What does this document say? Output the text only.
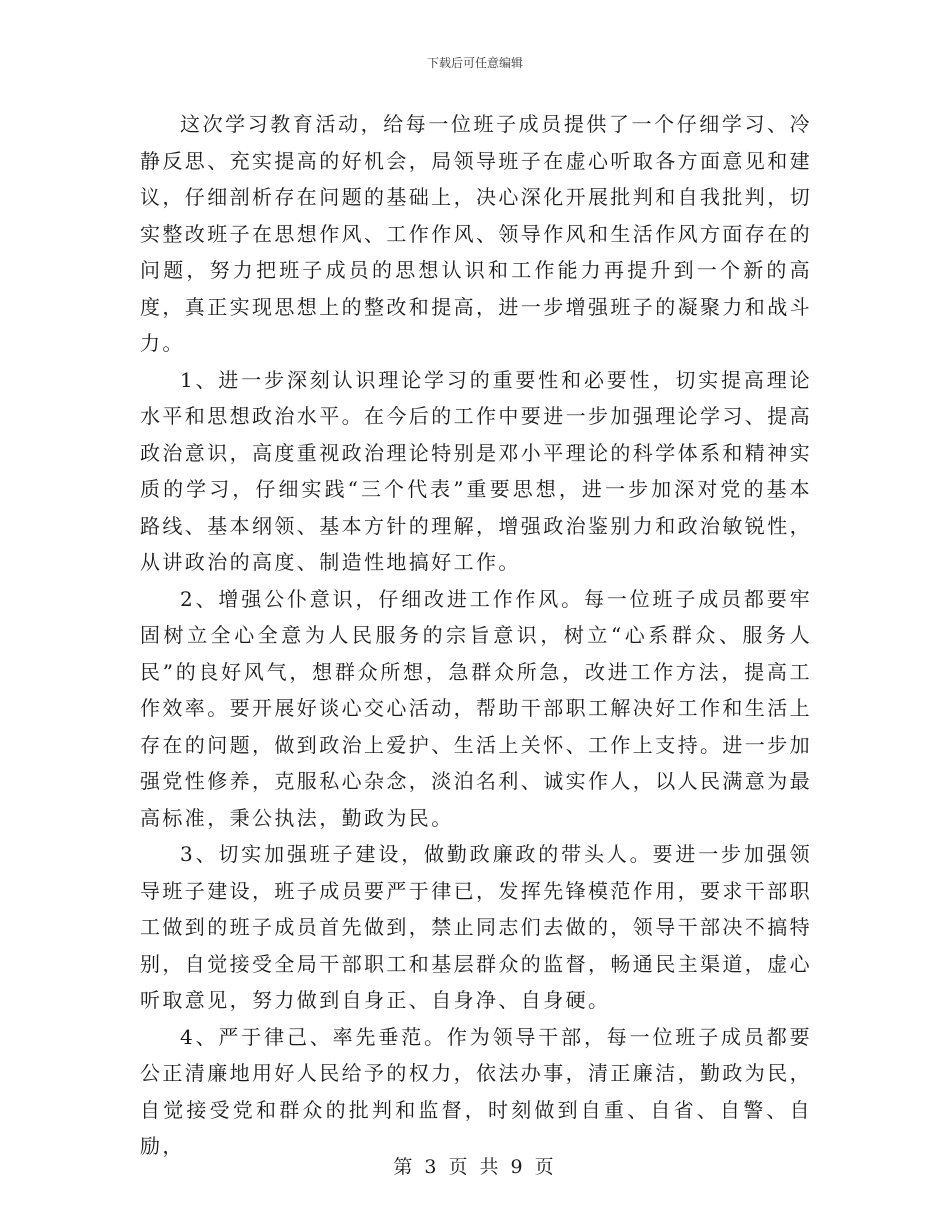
下载后可任意编辑

这次学习教育活动，给每一位班子成员提供了一个仔细学习、冷静反思、充实提高的好机会，局领导班子在虚心听取各方面意见和建议，仔细剖析存在问题的基础上，决心深化开展批判和自我批判，切实整改班子在思想作风、工作作风、领导作风和生活作风方面存在的问题，努力把班子成员的思想认识和工作能力再提升到一个新的高度，真正实现思想上的整改和提高，进一步增强班子的凝聚力和战斗力。

1、进一步深刻认识理论学习的重要性和必要性，切实提高理论水平和思想政治水平。在今后的工作中要进一步加强理论学习、提高政治意识，高度重视政治理论特别是邓小平理论的科学体系和精神实质的学习，仔细实践“三个代表”重要思想，进一步加深对党的基本路线、基本纲领、基本方针的理解，增强政治鉴别力和政治敏锐性，从讲政治的高度、制造性地搞好工作。

2、增强公仆意识，仔细改进工作作风。每一位班子成员都要牢固树立全心全意为人民服务的宗旨意识，树立“心系群众、服务人民”的良好风气，想群众所想，急群众所急，改进工作方法，提高工作效率。要开展好谈心交心活动，帮助干部职工解决好工作和生活上存在的问题，做到政治上爱护、生活上关怀、工作上支持。进一步加强党性修养，克服私心杂念，淡泊名利、诚实作人，以人民满意为最高标准，秉公执法，勤政为民。

3、切实加强班子建设，做勤政廉政的带头人。要进一步加强领导班子建设，班子成员要严于律已，发挥先锋模范作用，要求干部职工做到的班子成员首先做到，禁止同志们去做的，领导干部决不搞特别，自觉接受全局干部职工和基层群众的监督，畅通民主渠道，虚心听取意见，努力做到自身正、自身净、自身硬。

4、严于律己、率先垂范。作为领导干部，每一位班子成员都要公正清廉地用好人民给予的权力，依法办事，清正廉洁，勤政为民，自觉接受党和群众的批判和监督，时刻做到自重、自省、自警、自励，

第 3 页 共 9 页
